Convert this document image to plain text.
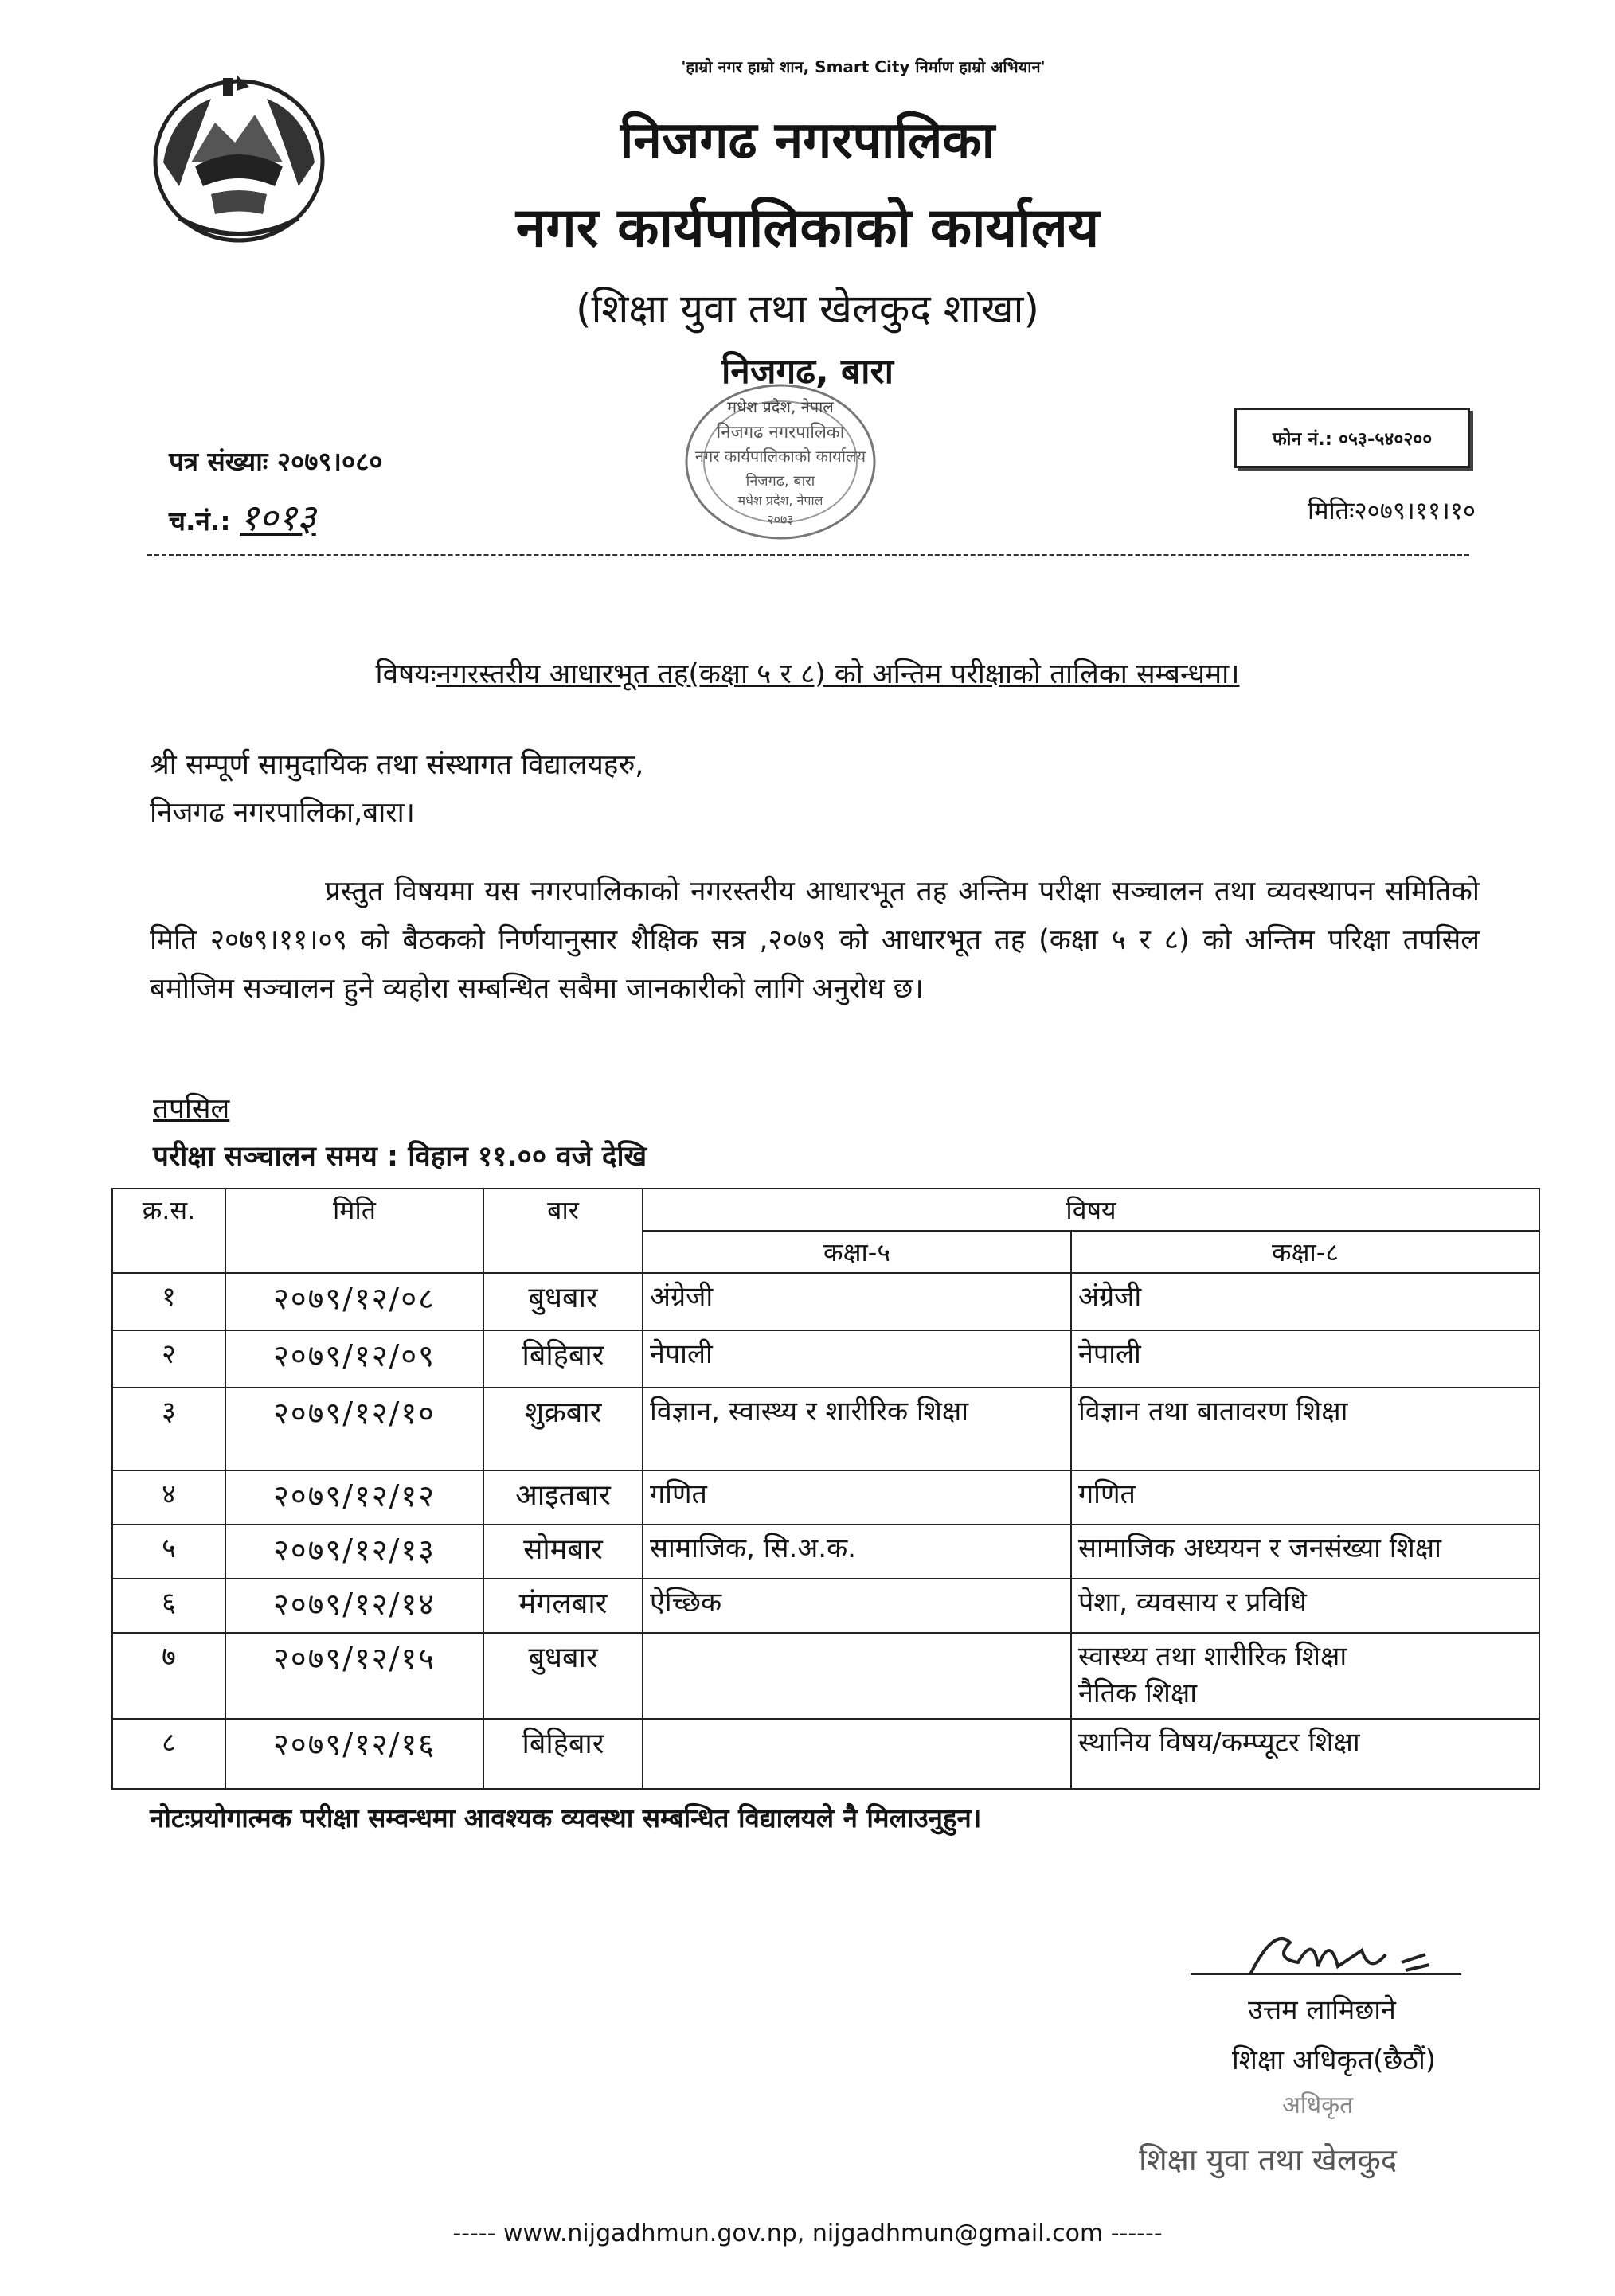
'हाम्रो नगर हाम्रो शान, Smart City निर्माण हाम्रो अभियान'
निजगढ नगरपालिका
नगर कार्यपालिकाको कार्यालय
(शिक्षा युवा तथा खेलकुद शाखा)
निजगढ, बारा
मधेश प्रदेश, नेपाल
निजगढ नगरपालिका
नगर कार्यपालिकाको कार्यालय
निजगढ, बारा
मधेश प्रदेश, नेपाल
२०७३
पत्र संख्याः २०७९।०८०
च.नं.: १०१३
फोन नं.: ०५३-५४०२००
मितिः२०७९।११।१०
विषयःनगरस्तरीय आधारभूत तह(कक्षा ५ र ८) को अन्तिम परीक्षाको तालिका सम्बन्धमा।
श्री सम्पूर्ण सामुदायिक तथा संस्थागत विद्यालयहरु,
निजगढ नगरपालिका,बारा।
प्रस्तुत विषयमा यस नगरपालिकाको नगरस्तरीय आधारभूत तह अन्तिम परीक्षा सञ्चालन तथा व्यवस्थापन समितिको मिति २०७९।११।०९ को बैठकको निर्णयानुसार शैक्षिक सत्र ,२०७९ को आधारभूत तह (कक्षा ५ र ८) को अन्तिम परिक्षा तपसिल बमोजिम सञ्चालन हुने व्यहोरा सम्बन्धित सबैमा जानकारीको लागि अनुरोध छ।
तपसिल
परीक्षा सञ्चालन समय : विहान ११.०० वजे देखि
क्र.स.	मिति	बार	विषय	
			कक्षा-५	कक्षा-८
१	२०७९/१२/०८	बुधबार	अंग्रेजी	अंग्रेजी
२	२०७९/१२/०९	बिहिबार	नेपाली	नेपाली
३	२०७९/१२/१०	शुक्रबार	विज्ञान, स्वास्थ्य र शारीरिक शिक्षा	विज्ञान तथा बातावरण शिक्षा
४	२०७९/१२/१२	आइतबार	गणित	गणित
५	२०७९/१२/१३	सोमबार	सामाजिक, सि.अ.क.	सामाजिक अध्ययन र जनसंख्या शिक्षा
६	२०७९/१२/१४	मंगलबार	ऐच्छिक	पेशा, व्यवसाय र प्रविधि
७	२०७९/१२/१५	बुधबार		स्वास्थ्य तथा शारीरिक शिक्षा
नैतिक शिक्षा

८	२०७९/१२/१६	बिहिबार		स्थानिय विषय/कम्प्यूटर शिक्षा
नोटःप्रयोगात्मक परीक्षा सम्वन्धमा आवश्यक व्यवस्था सम्बन्धित विद्यालयले नै मिलाउनुहुन।
उत्तम लामिछाने
शिक्षा अधिकृत(छैठौं)
अधिकृत
शिक्षा युवा तथा खेलकुद
----- www.nijgadhmun.gov.np, nijgadhmun@gmail.com ------
